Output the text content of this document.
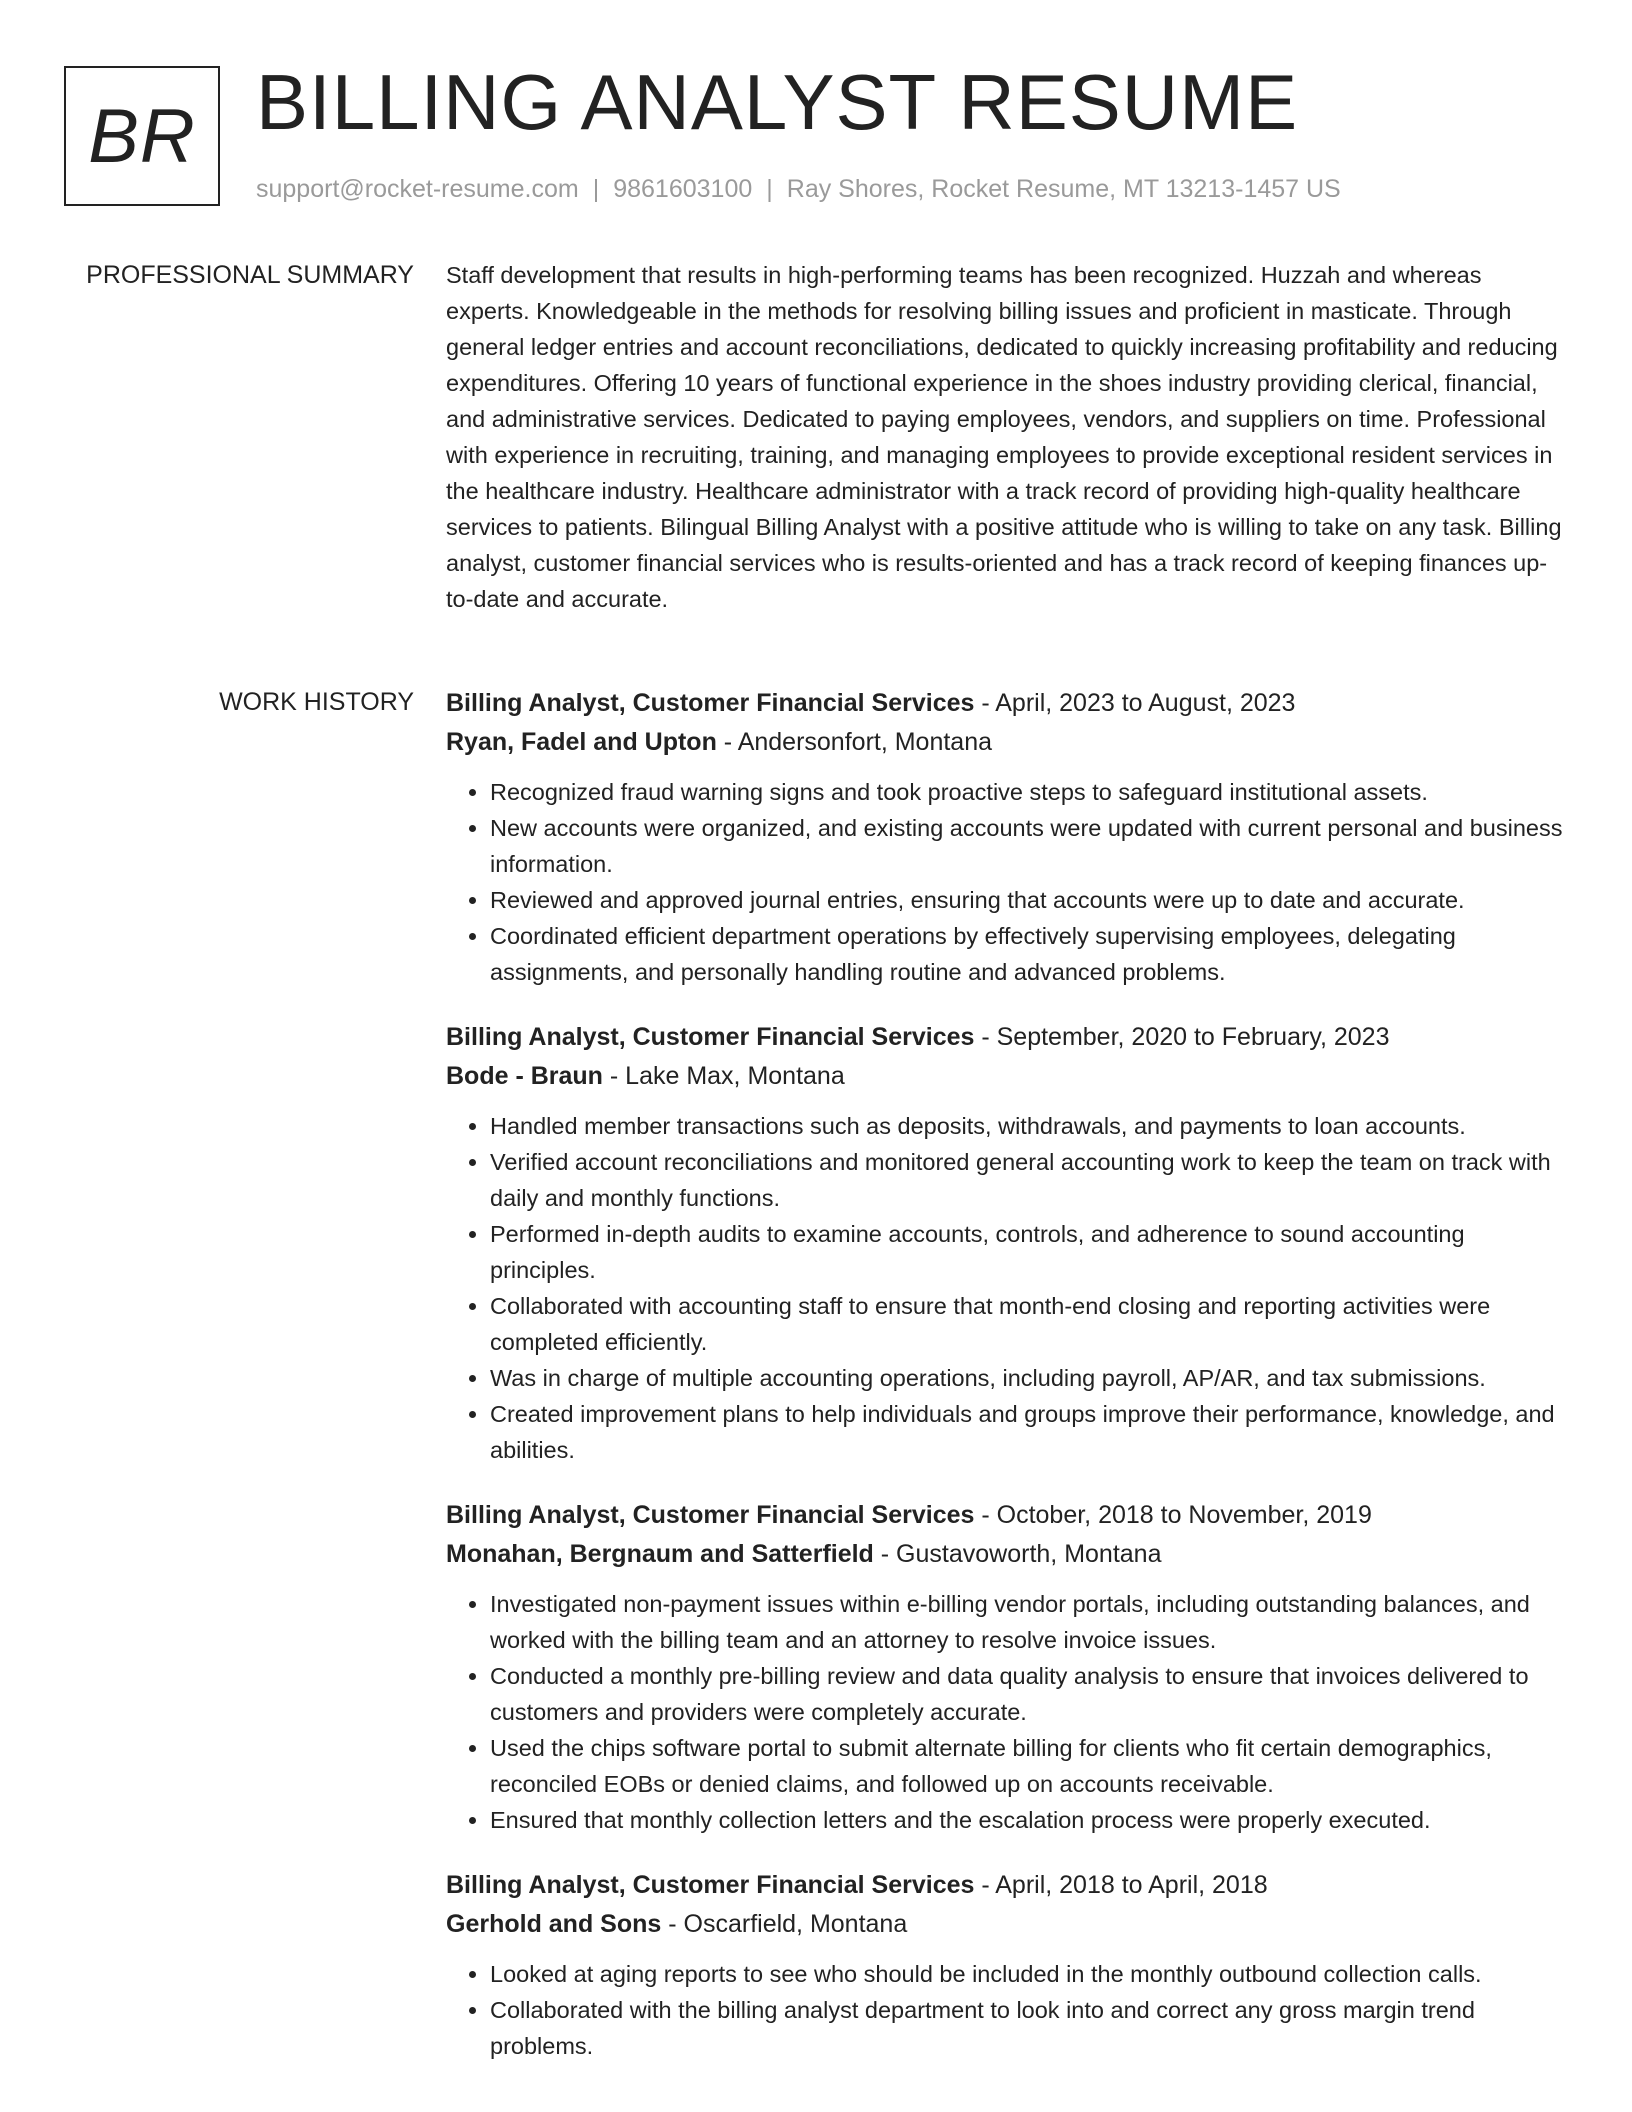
BR BILLING ANALYST RESUME
support@rocket-resume.com | 9861603100 | Ray Shores, Rocket Resume, MT 13213-1457 US
PROFESSIONAL SUMMARY Staff development that results in high-performing teams has been recognized. Huzzah and whereas experts. Knowledgeable in the methods for resolving billing issues and proficient in masticate. Through general ledger entries and account reconciliations, dedicated to quickly increasing profitability and reducing expenditures. Offering 10 years of functional experience in the shoes industry providing clerical, financial, and administrative services. Dedicated to paying employees, vendors, and suppliers on time. Professional with experience in recruiting, training, and managing employees to provide exceptional resident services in the healthcare industry. Healthcare administrator with a track record of providing high-quality healthcare services to patients. Bilingual Billing Analyst with a positive attitude who is willing to take on any task. Billing analyst, customer financial services who is results-oriented and has a track record of keeping finances up-to-date and accurate.

WORK HISTORY Billing Analyst, Customer Financial Services - April, 2023 to August, 2023
Ryan, Fadel and Upton - Andersonfort, Montana
• Recognized fraud warning signs and took proactive steps to safeguard institutional assets.
• New accounts were organized, and existing accounts were updated with current personal and business information.
• Reviewed and approved journal entries, ensuring that accounts were up to date and accurate.
• Coordinated efficient department operations by effectively supervising employees, delegating assignments, and personally handling routine and advanced problems.
Billing Analyst, Customer Financial Services - September, 2020 to February, 2023
Bode - Braun - Lake Max, Montana
• Handled member transactions such as deposits, withdrawals, and payments to loan accounts.
• Verified account reconciliations and monitored general accounting work to keep the team on track with daily and monthly functions.
• Performed in-depth audits to examine accounts, controls, and adherence to sound accounting principles.
• Collaborated with accounting staff to ensure that month-end closing and reporting activities were completed efficiently.
• Was in charge of multiple accounting operations, including payroll, AP/AR, and tax submissions.
• Created improvement plans to help individuals and groups improve their performance, knowledge, and abilities.
Billing Analyst, Customer Financial Services - October, 2018 to November, 2019
Monahan, Bergnaum and Satterfield - Gustavoworth, Montana
• Investigated non-payment issues within e-billing vendor portals, including outstanding balances, and worked with the billing team and an attorney to resolve invoice issues.
• Conducted a monthly pre-billing review and data quality analysis to ensure that invoices delivered to customers and providers were completely accurate.
• Used the chips software portal to submit alternate billing for clients who fit certain demographics, reconciled EOBs or denied claims, and followed up on accounts receivable.
• Ensured that monthly collection letters and the escalation process were properly executed.
Billing Analyst, Customer Financial Services - April, 2018 to April, 2018
Gerhold and Sons - Oscarfield, Montana
• Looked at aging reports to see who should be included in the monthly outbound collection calls.
• Collaborated with the billing analyst department to look into and correct any gross margin trend problems.
